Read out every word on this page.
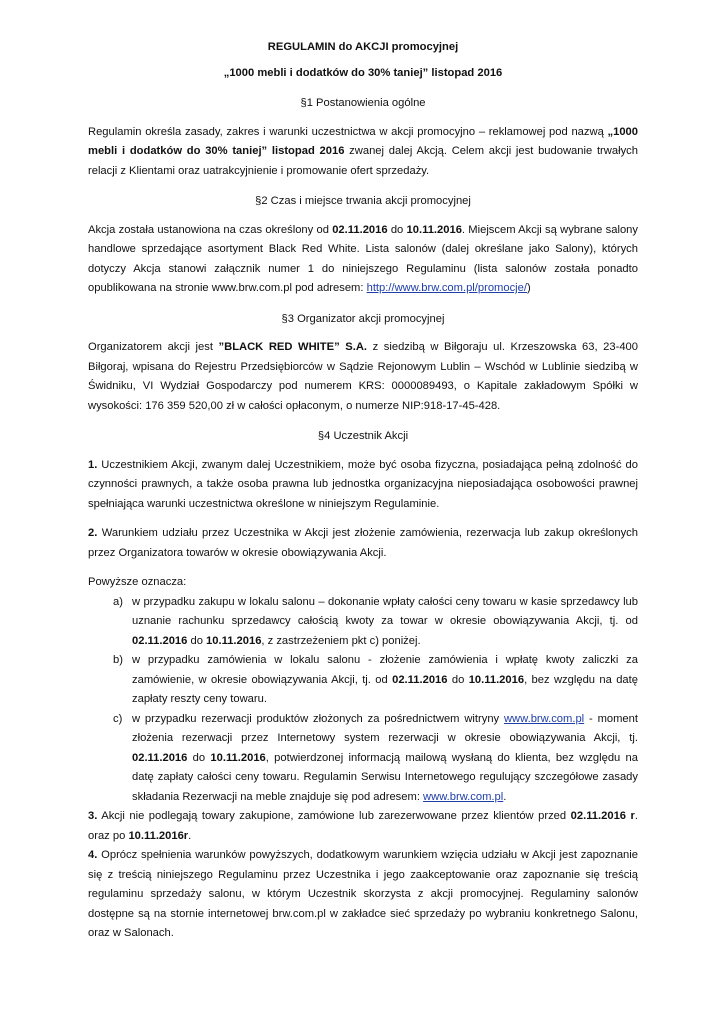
REGULAMIN do AKCJI promocyjnej

„1000 mebli i dodatków do 30% taniej” listopad 2016

§1 Postanowienia ogólne

Regulamin określa zasady, zakres i warunki uczestnictwa w akcji promocyjno – reklamowej pod nazwą „1000 mebli i dodatków do 30% taniej” listopad 2016 zwanej dalej Akcją. Celem akcji jest budowanie trwałych relacji z Klientami oraz uatrakcyjnienie i promowanie ofert sprzedaży.

§2 Czas i miejsce trwania akcji promocyjnej

Akcja została ustanowiona na czas określony od 02.11.2016 do 10.11.2016. Miejscem Akcji są wybrane salony handlowe sprzedające asortyment Black Red White. Lista salonów (dalej określane jako Salony), których dotyczy Akcja stanowi załącznik numer 1 do niniejszego Regulaminu (lista salonów została ponadto opublikowana na stronie www.brw.com.pl pod adresem: http://www.brw.com.pl/promocje/)

§3 Organizator akcji promocyjnej

Organizatorem akcji jest ”BLACK RED WHITE” S.A. z siedzibą w Biłgoraju ul. Krzeszowska 63, 23-400 Biłgoraj, wpisana do Rejestru Przedsiębiorców w Sądzie Rejonowym Lublin – Wschód w Lublinie siedzibą w Świdniku, VI Wydział Gospodarczy pod numerem KRS: 0000089493, o Kapitale zakładowym Spółki w wysokości: 176 359 520,00 zł w całości opłaconym, o numerze NIP:918-17-45-428.

§4 Uczestnik Akcji

1. Uczestnikiem Akcji, zwanym dalej Uczestnikiem, może być osoba fizyczna, posiadająca pełną zdolność do czynności prawnych, a także osoba prawna lub jednostka organizacyjna nieposiadająca osobowości prawnej spełniająca warunki uczestnictwa określone w niniejszym Regulaminie.

2. Warunkiem udziału przez Uczestnika w Akcji jest złożenie zamówienia, rezerwacja lub zakup określonych przez Organizatora towarów w okresie obowiązywania Akcji.

Powyższe oznacza:

a) w przypadku zakupu w lokalu salonu – dokonanie wpłaty całości ceny towaru w kasie sprzedawcy lub uznanie rachunku sprzedawcy całością kwoty za towar w okresie obowiązywania Akcji, tj. od 02.11.2016 do 10.11.2016, z zastrzeżeniem pkt c) poniżej.
b) w przypadku zamówienia w lokalu salonu - złożenie zamówienia i wpłatę kwoty zaliczki za zamówienie, w okresie obowiązywania Akcji, tj. od 02.11.2016 do 10.11.2016, bez względu na datę zapłaty reszty ceny towaru.
c) w przypadku rezerwacji produktów złożonych za pośrednictwem witryny www.brw.com.pl - moment złożenia rezerwacji przez Internetowy system rezerwacji w okresie obowiązywania Akcji, tj. 02.11.2016 do 10.11.2016, potwierdzonej informacją mailową wysłaną do klienta, bez względu na datę zapłaty całości ceny towaru. Regulamin Serwisu Internetowego regulujący szczegółowe zasady składania Rezerwacji na meble znajduje się pod adresem: www.brw.com.pl.

3. Akcji nie podlegają towary zakupione, zamówione lub zarezerwowane przez klientów przed 02.11.2016 r. oraz po 10.11.2016r.

4. Oprócz spełnienia warunków powyższych, dodatkowym warunkiem wzięcia udziału w Akcji jest zapoznanie się z treścią niniejszego Regulaminu przez Uczestnika i jego zaakceptowanie oraz zapoznanie się treścią regulaminu sprzedaży salonu, w którym Uczestnik skorzysta z akcji promocyjnej. Regulaminy salonów dostępne są na stornie internetowej brw.com.pl w zakładce sieć sprzedaży po wybraniu konkretnego Salonu, oraz w Salonach.
